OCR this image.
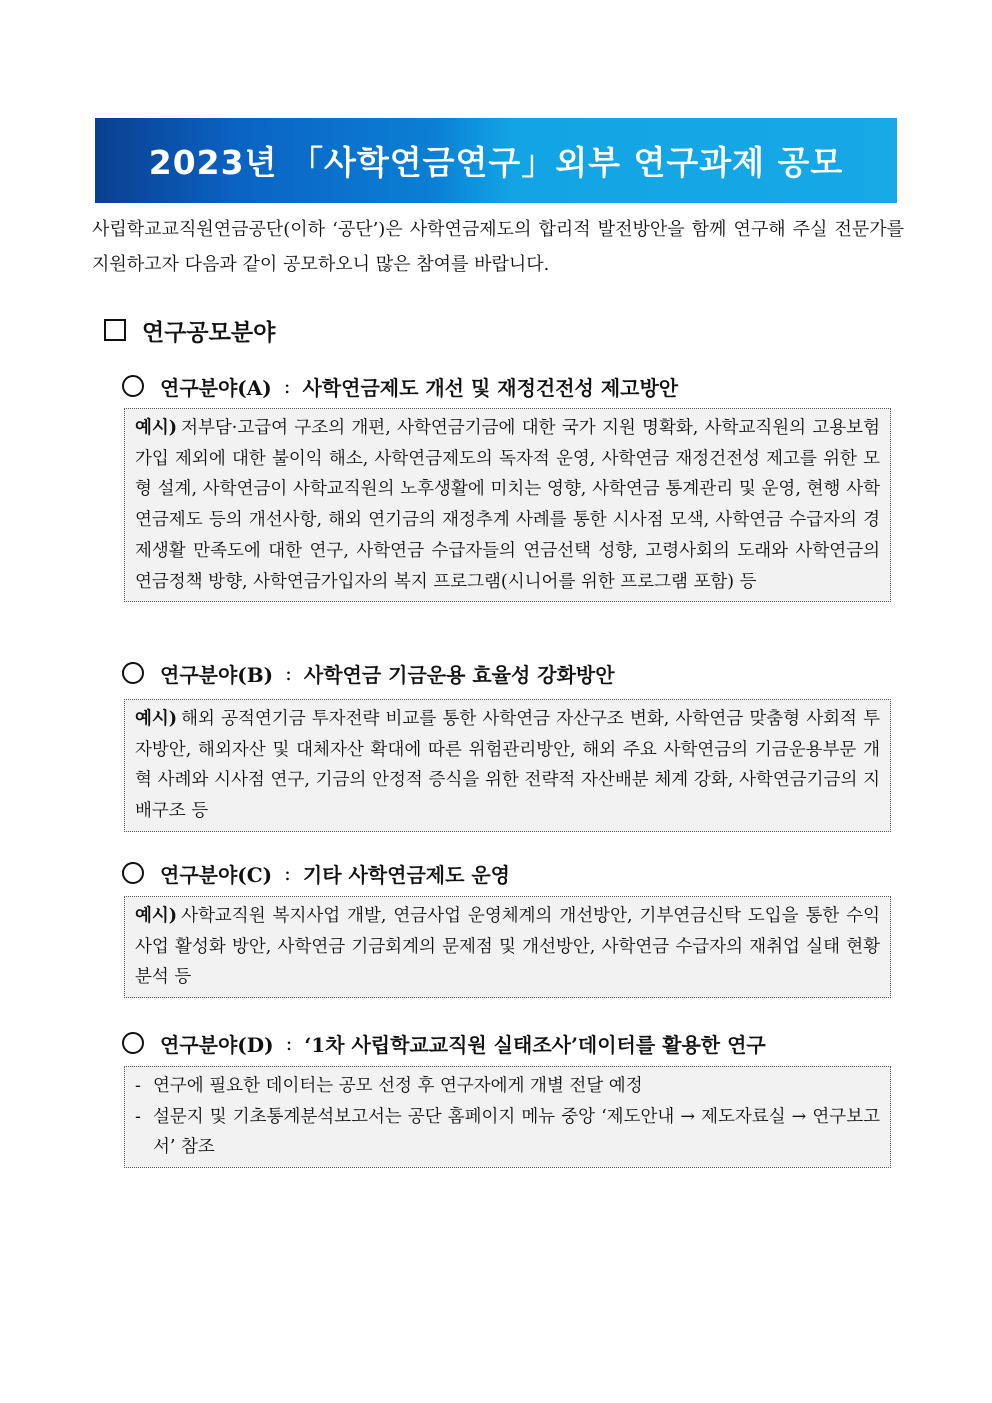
2023년 「사학연금연구」외부 연구과제 공모
사립학교교직원연금공단(이하 ‘공단’)은 사학연금제도의 합리적 발전방안을 함께 연구해 주실 전문가를 지원하고자 다음과 같이 공모하오니 많은 참여를 바랍니다.
연구공모분야
연구분야(A) : 사학연금제도 개선 및 재정건전성 제고방안
예시) 저부담·고급여 구조의 개편, 사학연금기금에 대한 국가 지원 명확화, 사학교직원의 고용보험 가입 제외에 대한 불이익 해소, 사학연금제도의 독자적 운영, 사학연금 재정건전성 제고를 위한 모형 설계, 사학연금이 사학교직원의 노후생활에 미치는 영향, 사학연금 통계관리 및 운영, 현행 사학연금제도 등의 개선사항, 해외 연기금의 재정추계 사례를 통한 시사점 모색, 사학연금 수급자의 경제생활 만족도에 대한 연구, 사학연금 수급자들의 연금선택 성향, 고령사회의 도래와 사학연금의 연금정책 방향, 사학연금가입자의 복지 프로그램(시니어를 위한 프로그램 포함) 등
연구분야(B) : 사학연금 기금운용 효율성 강화방안
예시) 해외 공적연기금 투자전략 비교를 통한 사학연금 자산구조 변화, 사학연금 맞춤형 사회적 투자방안, 해외자산 및 대체자산 확대에 따른 위험관리방안, 해외 주요 사학연금의 기금운용부문 개혁 사례와 시사점 연구, 기금의 안정적 증식을 위한 전략적 자산배분 체계 강화, 사학연금기금의 지배구조 등
연구분야(C) : 기타 사학연금제도 운영
예시) 사학교직원 복지사업 개발, 연금사업 운영체계의 개선방안, 기부연금신탁 도입을 통한 수익사업 활성화 방안, 사학연금 기금회계의 문제점 및 개선방안, 사학연금 수급자의 재취업 실태 현황 분석 등
연구분야(D) : ‘1차 사립학교교직원 실태조사’데이터를 활용한 연구
- 연구에 필요한 데이터는 공모 선정 후 연구자에게 개별 전달 예정
- 설문지 및 기초통계분석보고서는 공단 홈페이지 메뉴 중앙 ‘제도안내 → 제도자료실 → 연구보고서’ 참조
